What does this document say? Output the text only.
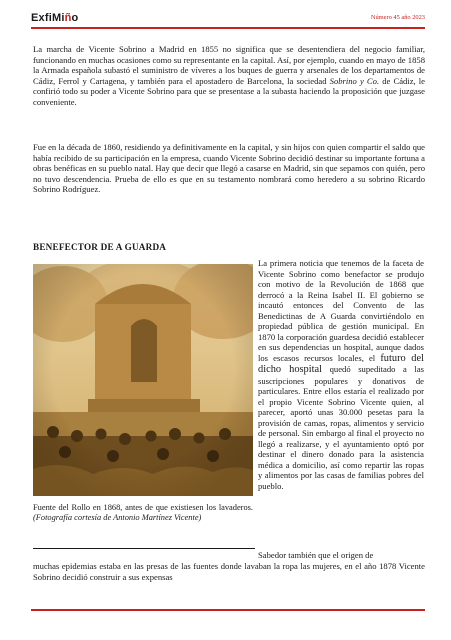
ExfiMiño	Número 45 año 2023

La marcha de Vicente Sobrino a Madrid en 1855 no significa que se desentendiera del negocio familiar, funcionando en muchas ocasiones como su representante en la capital. Así, por ejemplo, cuando en mayo de 1858 la Armada española subastó el suministro de víveres a los buques de guerra y arsenales de los departamentos de Cádiz, Ferrol y Cartagena, y también para el apostadero de Barcelona, la sociedad Sobrino y Co. de Cádiz, le confirió todo su poder a Vicente Sobrino para que se presentase a la subasta haciendo la proposición que juzgase conveniente.

Fue en la década de 1860, residiendo ya definitivamente en la capital, y sin hijos con quien compartir el saldo que había recibido de su participación en la empresa, cuando Vicente Sobrino decidió destinar su importante fortuna a obras benéficas en su pueblo natal. Hay que decir que llegó a casarse en Madrid, sin que sepamos con quién, pero no tuvo descendencia. Prueba de ello es que en su testamento nombrará como heredero a su sobrino Ricardo Sobrino Rodríguez.

BENEFECTOR DE A GUARDA

Fuente del Rollo en 1868, antes de que existiesen los lavaderos. (Fotografía cortesía de Antonio Martínez Vicente)

La primera noticia que tenemos de la faceta de Vicente Sobrino como benefactor se produjo con motivo de la Revolución de 1868 que derrocó a la Reina Isabel II. El gobierno se incautó entonces del Convento de las Benedictinas de A Guarda convirtiéndolo en propiedad pública de gestión municipal. En 1870 la corporación guardesa decidió establecer en sus dependencias un hospital, aunque dados los escasos recursos locales, el futuro del dicho hospital quedó supeditado a las suscripciones populares y donativos de particulares. Entre ellos estaría el realizado por el propio Vicente Sobrino Vicente quien, al parecer, aportó unas 30.000 pesetas para la provisión de camas, ropas, alimentos y servicio de personal. Sin embargo al final el proyecto no llegó a realizarse, y el ayuntamiento optó por destinar el dinero donado para la asistencia médica a domicilio, así como repartir las ropas y alimentos por las casas de familias pobres del pueblo.

Sabedor también que el origen de

muchas epidemias estaba en las presas de las fuentes donde lavaban la ropa las mujeres, en el año 1878 Vicente Sobrino decidió construir a sus expensas
